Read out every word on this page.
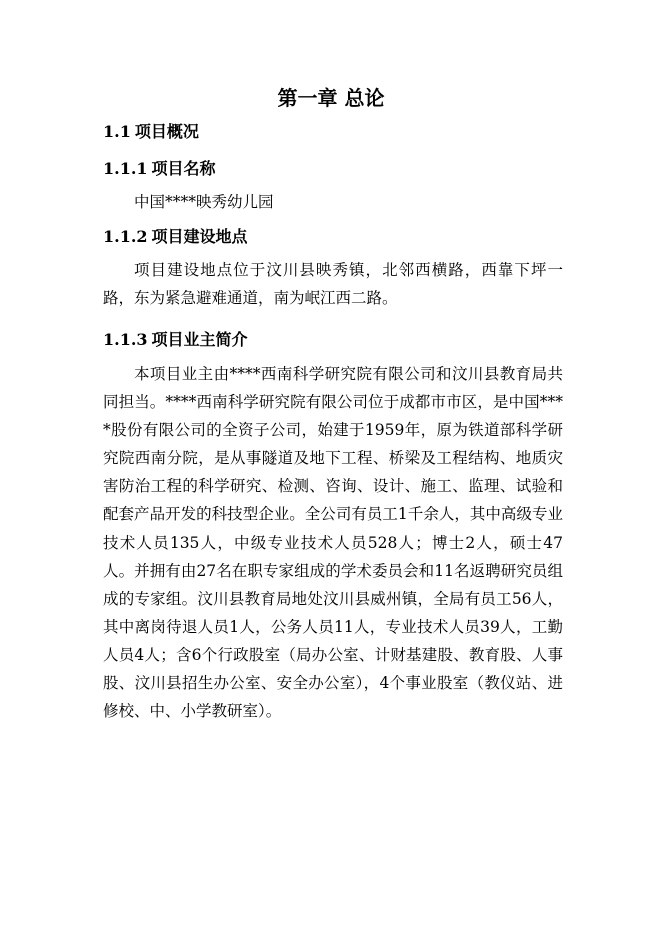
第一章 总论
1.1 项目概况
1.1.1 项目名称

中国****映秀幼儿园

1.1.2 项目建设地点

项目建设地点位于汶川县映秀镇，北邻西横路，西靠下坪一路，东为紧急避难通道，南为岷江西二路。

1.1.3 项目业主简介

本项目业主由****西南科学研究院有限公司和汶川县教育局共同担当。****西南科学研究院有限公司位于成都市市区，是中国****股份有限公司的全资子公司，始建于1959年，原为铁道部科学研究院西南分院，是从事隧道及地下工程、桥梁及工程结构、地质灾害防治工程的科学研究、检测、咨询、设计、施工、监理、试验和配套产品开发的科技型企业。全公司有员工1千余人，其中高级专业技术人员135人，中级专业技术人员528人；博士2人，硕士47人。并拥有由27名在职专家组成的学术委员会和11名返聘研究员组成的专家组。汶川县教育局地处汶川县威州镇，全局有员工56人，其中离岗待退人员1人，公务人员11人，专业技术人员39人，工勤人员4人；含6个行政股室（局办公室、计财基建股、教育股、人事股、汶川县招生办公室、安全办公室），4个事业股室（教仪站、进修校、中、小学教研室）。
